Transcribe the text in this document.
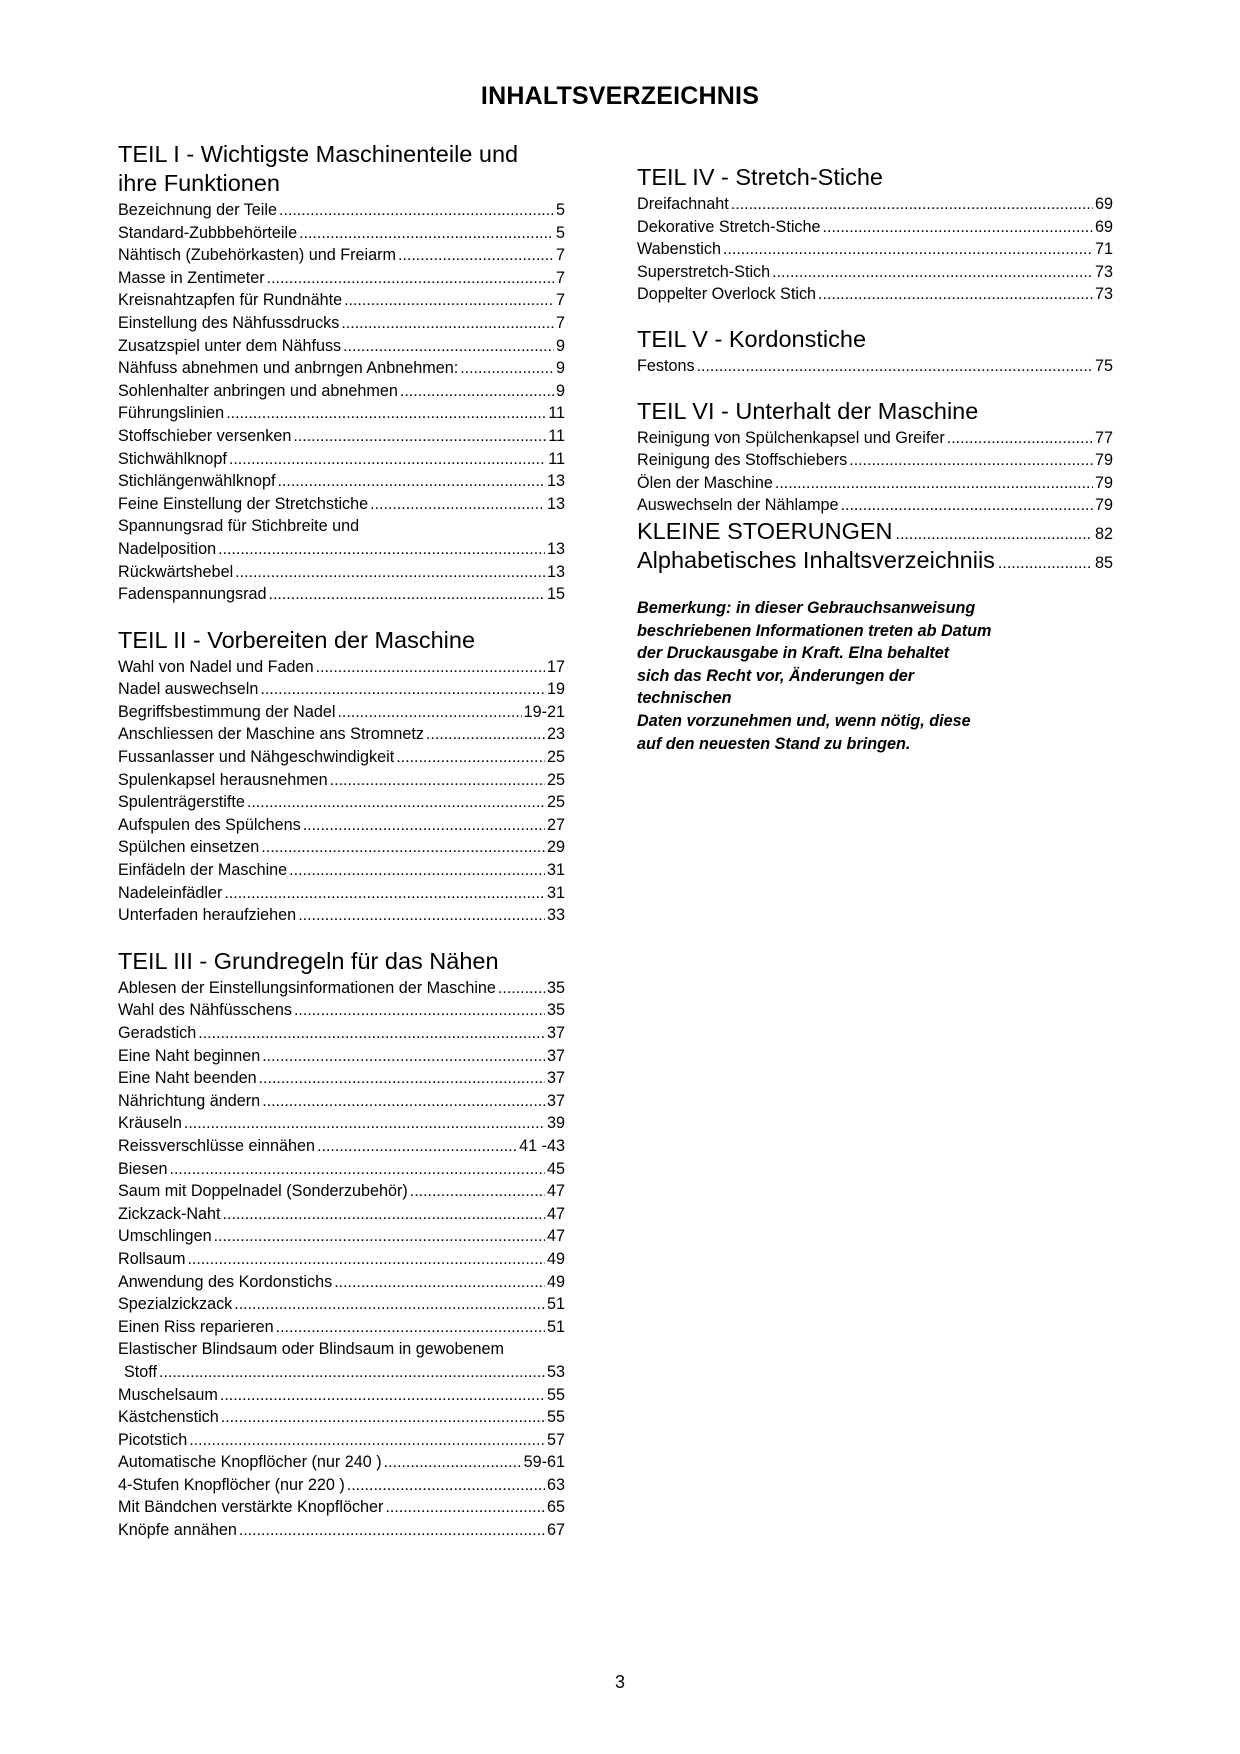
INHALTSVERZEICHNIS
TEIL I - Wichtigste Maschinenteile und
ihre Funktionen
Bezeichnung der Teile .....	5
Standard-Zubbbehörteile .....	5
Nähtisch (Zubehörkasten) und Freiarm .....	7
Masse in Zentimeter .....	7
Kreisnahtzapfen für Rundnähte .....	7
Einstellung des Nähfussdrucks .....	7
Zusatzspiel unter dem Nähfuss .....	9
Nähfuss abnehmen und anbrngen Anbnehmen: .....	9
Sohlenhalter anbringen und abnehmen .....	9
Führungslinien .....	11
Stoffschieber versenken .....	11
Stichwählknopf .....	11
Stichlängenwählknopf .....	13
Feine Einstellung der Stretchstiche .....	13
Spannungsrad für Stichbreite und
Nadelposition .....	13
Rückwärtshebel .....	13
Fadenspannungsrad .....	15
TEIL II - Vorbereiten der Maschine
Wahl von Nadel und Faden .....	17
Nadel auswechseln .....	19
Begriffsbestimmung der Nadel .....	19-21
Anschliessen der Maschine ans Stromnetz .....	23
Fussanlasser und Nähgeschwindigkeit .....	25
Spulenkapsel herausnehmen .....	25
Spulenträgerstifte .....	25
Aufspulen des Spülchens .....	27
Spülchen einsetzen .....	29
Einfädeln der Maschine .....	31
Nadeleinfädler .....	31
Unterfaden heraufziehen .....	33
TEIL III - Grundregeln für das Nähen
Ablesen der Einstellungsinformationen der Maschine .....	35
Wahl des Nähfüsschens .....	35
Geradstich .....	37
Eine Naht beginnen .....	37
Eine Naht beenden .....	37
Nährichtung ändern .....	37
Kräuseln .....	39
Reissverschlüsse einnähen .....	41 -43
Biesen .....	45
Saum mit Doppelnadel (Sonderzubehör) .....	47
Zickzack-Naht .....	47
Umschlingen .....	47
Rollsaum .....	49
Anwendung des Kordonstichs .....	49
Spezialzickzack .....	51
Einen Riss reparieren .....	51
Elastischer Blindsaum oder Blindsaum in gewobenem
Stoff .....	53
Muschelsaum .....	55
Kästchenstich .....	55
Picotstich .....	57
Automatische Knopflöcher (nur 240 ) .....	59-61
4-Stufen Knopflöcher (nur 220 ) .....	63
Mit Bändchen verstärkte Knopflöcher .....	65
Knöpfe annähen .....	67
TEIL IV - Stretch-Stiche
Dreifachnaht .....	69
Dekorative Stretch-Stiche .....	69
Wabenstich .....	71
Superstretch-Stich .....	73
Doppelter Overlock Stich .....	73
TEIL V - Kordonstiche
Festons .....	75
TEIL VI - Unterhalt der Maschine
Reinigung von Spülchenkapsel und Greifer .....	77
Reinigung des Stoffschiebers .....	79
Ölen der Maschine .....	79
Auswechseln der Nählampe .....	79
KLEINE STOERUNGEN .....	82
Alphabetisches Inhaltsverzeichniis .....	85
Bemerkung: in dieser Gebrauchsanweisung
beschriebenen Informationen treten ab Datum
der Druckausgabe in Kraft. Elna behaltet
sich das Recht vor, Änderungen der
technischen
Daten vorzunehmen und, wenn nötig, diese
auf den neuesten Stand zu bringen.
3
